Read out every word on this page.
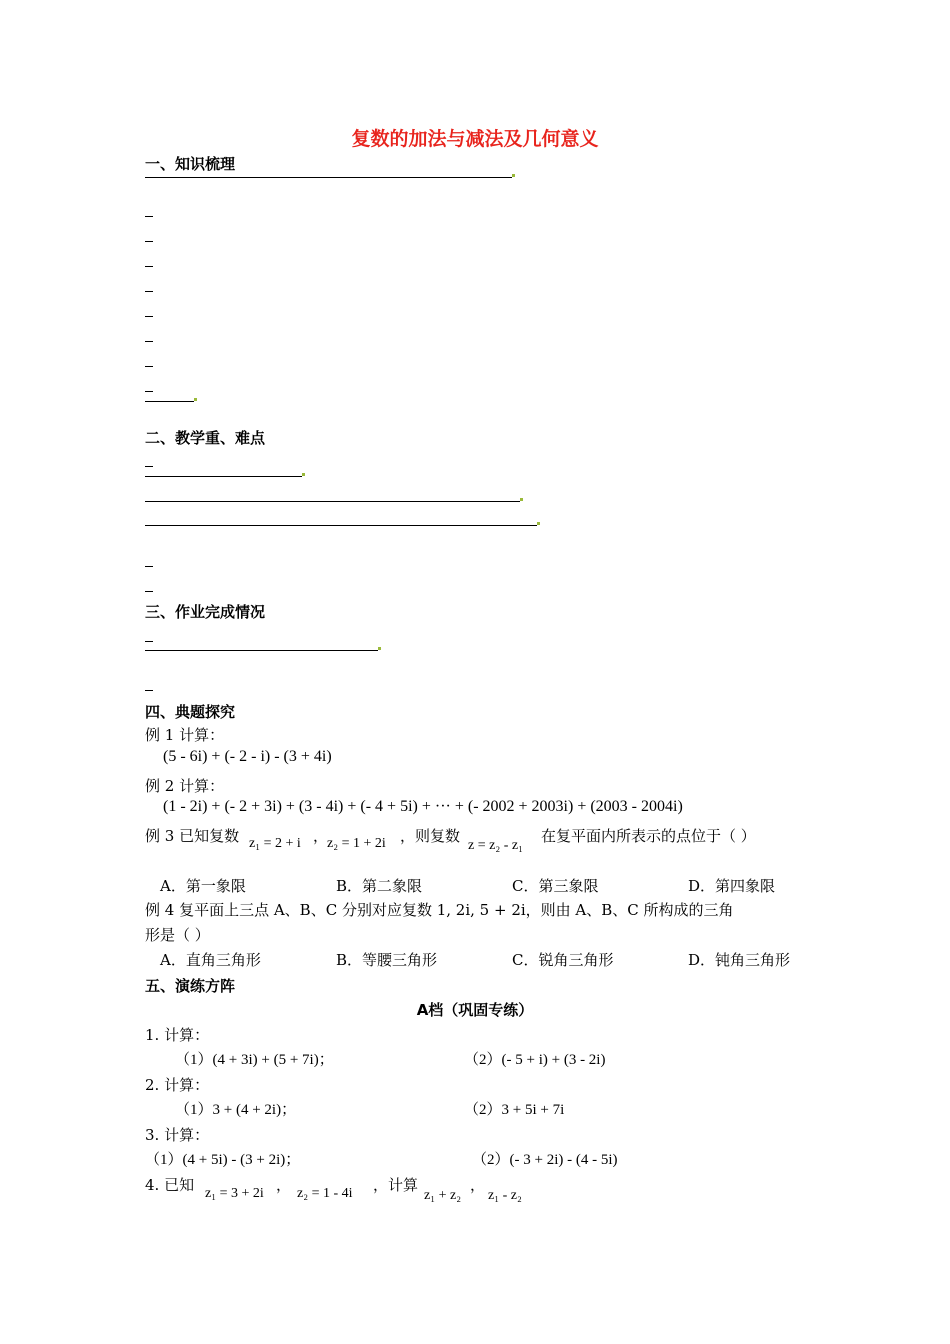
复数的加法与减法及几何意义
一、知识梳理
二、教学重、难点
三、作业完成情况
四、典题探究
例 1 计算：
(5 - 6i) + (- 2 - i) - (3 + 4i)
例 2 计算：
(1 - 2i) + (- 2 + 3i) + (3 - 4i) + (- 4 + 5i) + ··· + (- 2002 + 2003i) + (2003 - 2004i)
例 3 已知复数 z₁ = 2 + i ，
z₂ = 1 + 2i ，则复数
z = z₂ - z₁
在复平面内所表示的点位于（ ）
A．第一象限	B．第二象限	C．第三象限	D．第四象限
例 4 复平面上三点 A、B、C 分别对应复数 1, 2i, 5 + 2i，则由 A、B、C 所构成的三角
形是（ ）
A．直角三角形	B．等腰三角形	C．锐角三角形	D．钝角三角形
五、演练方阵
A档（巩固专练）
1. 计算：
（1）(4 + 3i) + (5 + 7i)；	（2）(- 5 + i) + (3 - 2i)
2. 计算：
（1）3 + (4 + 2i)；	（2）3 + 5i + 7i
3. 计算：
（1）(4 + 5i) - (3 + 2i)；	（2）(- 3 + 2i) - (4 - 5i)
4. 已知 z₁ = 3 + 2i ， z₂ = 1 - 4i ，计算
z₁ + z₂
，
z₁ - z₂
